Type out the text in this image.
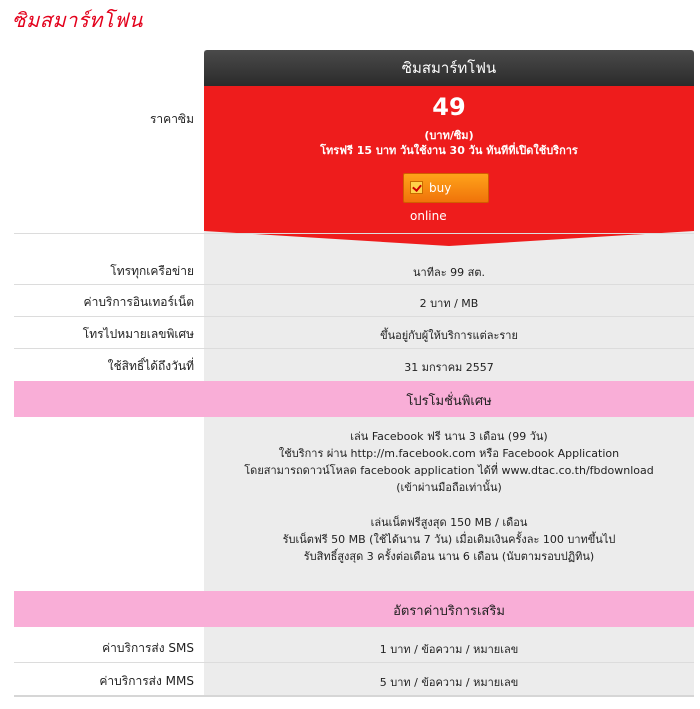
ซิมสมาร์ทโฟน
ซิมสมาร์ทโฟน
ราคาซิม	49
(บาท/ซิม)
โทรฟรี 15 บาท วันใช้งาน 30 วัน ทันทีที่เปิดใช้บริการ
buy online
โทรทุกเครือข่าย	นาทีละ 99 สต.
ค่าบริการอินเทอร์เน็ต	2 บาท / MB
โทรไปหมายเลขพิเศษ	ขึ้นอยู่กับผู้ให้บริการแต่ละราย
ใช้สิทธิ์ได้ถึงวันที่	31 มกราคม 2557
โปรโมชั่นพิเศษ
เล่น Facebook ฟรี นาน 3 เดือน (99 วัน)
ใช้บริการ ผ่าน http://m.facebook.com หรือ Facebook Application
โดยสามารถดาวน์โหลด facebook application ได้ที่ www.dtac.co.th/fbdownload
(เข้าผ่านมือถือเท่านั้น)
เล่นเน็ตฟรีสูงสุด 150 MB / เดือน
รับเน็ตฟรี 50 MB (ใช้ได้นาน 7 วัน) เมื่อเติมเงินครั้งละ 100 บาทขึ้นไป
รับสิทธิ์สูงสุด 3 ครั้งต่อเดือน นาน 6 เดือน (นับตามรอบปฏิทิน)
อัตราค่าบริการเสริม
ค่าบริการส่ง SMS	1 บาท / ข้อความ / หมายเลข
ค่าบริการส่ง MMS	5 บาท / ข้อความ / หมายเลข
